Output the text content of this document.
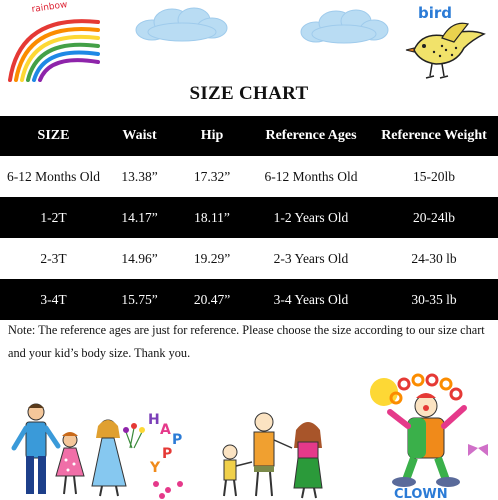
rainbow	bird
SIZE CHART
SIZE	Waist	Hip	Reference Ages	Reference Weight
6-12 Months Old	13.38”	17.32”	6-12 Months Old	15-20lb
1-2T	14.17”	18.11”	1-2 Years Old	20-24lb
2-3T	14.96”	19.29”	2-3 Years Old	24-30 lb
3-4T	15.75”	20.47”	3-4 Years Old	30-35 lb
Note: The reference ages are just for reference. Please choose the size according to our size chart
and your kid’s body size. Thank you.
H
A
P
P
Y
CLOWN
